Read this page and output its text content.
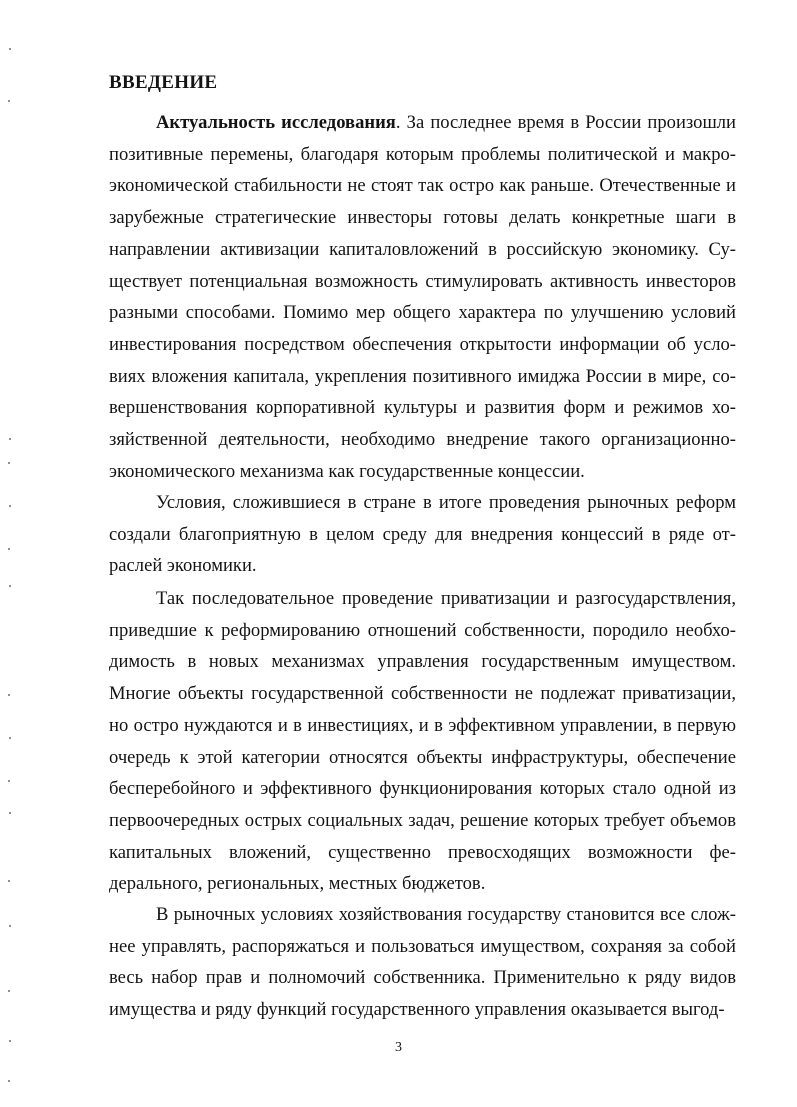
ВВЕДЕНИЕ

Актуальность исследования. За последнее время в России произошли позитивные перемены, благодаря которым проблемы политической и макроэкономической стабильности не стоят так остро как раньше. Отечественные и зарубежные стратегические инвесторы готовы делать конкретные шаги в направлении активизации капиталовложений в российскую экономику. Существует потенциальная возможность стимулировать активность инвесторов разными способами. Помимо мер общего характера по улучшению условий инвестирования посредством обеспечения открытости информации об условиях вложения капитала, укрепления позитивного имиджа России в мире, совершенствования корпоративной культуры и развития форм и режимов хозяйственной деятельности, необходимо внедрение такого организационно-экономического механизма как государственные концессии.

Условия, сложившиеся в стране в итоге проведения рыночных реформ создали благоприятную в целом среду для внедрения концессий в ряде отраслей экономики.

Так последовательное проведение приватизации и разгосударствления, приведшие к реформированию отношений собственности, породило необходимость в новых механизмах управления государственным имуществом. Многие объекты государственной собственности не подлежат приватизации, но остро нуждаются и в инвестициях, и в эффективном управлении, в первую очередь к этой категории относятся объекты инфраструктуры, обеспечение бесперебойного и эффективного функционирования которых стало одной из первоочередных острых социальных задач, решение которых требует объемов капитальных вложений, существенно превосходящих возможности федерального, региональных, местных бюджетов.

В рыночных условиях хозяйствования государству становится все сложнее управлять, распоряжаться и пользоваться имуществом, сохраняя за собой весь набор прав и полномочий собственника. Применительно к ряду видов имущества и ряду функций государственного управления оказывается выгод-

3
